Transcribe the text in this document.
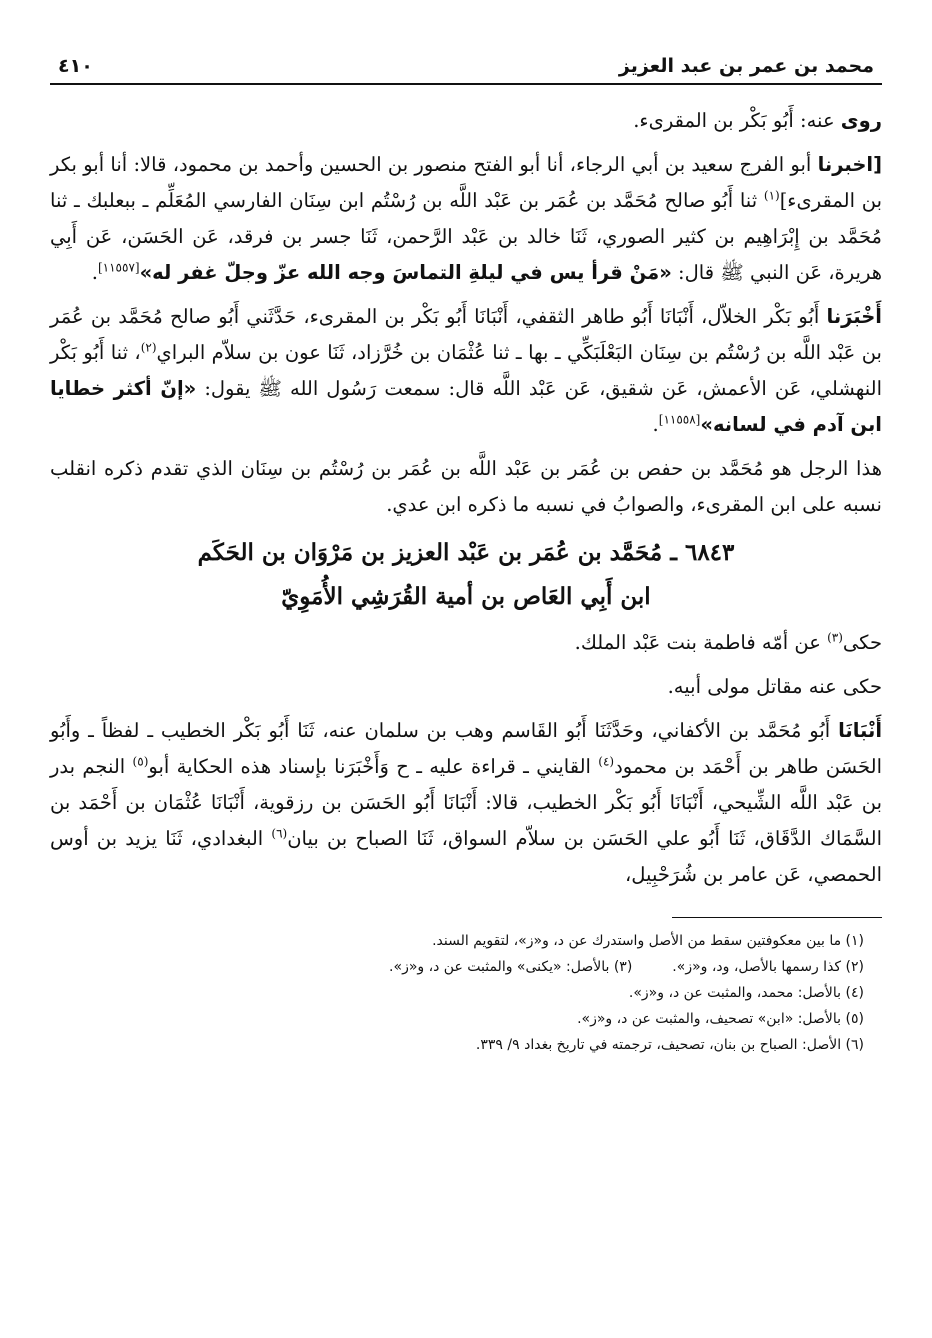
محمد بن عمر بن عبد العزيز
٤١٠

روى عنه: أَبُو بَكْر بن المقرىء.

[اخبرنا أبو الفرج سعيد بن أبي الرجاء، أنا أبو الفتح منصور بن الحسين وأحمد بن محمود، قالا: أنا أبو بكر بن المقرىء]$^{(١)}$ ثنا أَبُو صالح مُحَمَّد بن عُمَر بن عَبْد اللَّه بن رُسْتُم ابن سِنَان الفارسي المُعَلِّم ـ ببعلبك ـ ثنا مُحَمَّد بن إِبْرَاهِيم بن كثير الصوري، ثَنَا خالد بن عَبْد الرَّحمن، ثَنَا جسر بن فرقد، عَن الحَسَن، عَن أَبِي هريرة، عَن النبي ﷺ قال: «مَنْ قرأ يس في ليلةِ التماسَ وجه الله عزّ وجلّ غفر له»[١١٥٥٧].

أَخْبَرَنا أَبُو بَكْر الخلاّل، أَنْبَانَا أَبُو طاهر الثقفي، أَنْبَانَا أَبُو بَكْر بن المقرىء، حَدَّثَني أَبُو صالح مُحَمَّد بن عُمَر بن عَبْد اللَّه بن رُسْتُم بن سِنَان البَعْلَبَكِّي ـ بها ـ ثنا عُثْمَان بن خُرَّزاد، ثَنَا عون بن سلاّم البراي$^{(٢)}$، ثنا أَبُو بَكْر النهشلي، عَن الأعمش، عَن شقيق، عَن عَبْد اللَّه قال: سمعت رَسُول الله ﷺ يقول: «إنّ أكثر خطايا ابن آدم في لسانه»[١١٥٥٨].

هذا الرجل هو مُحَمَّد بن حفص بن عُمَر بن عَبْد اللَّه بن عُمَر بن رُسْتُم بن سِنَان الذي تقدم ذكره انقلب نسبه على ابن المقرىء، والصوابُ في نسبه ما ذكره ابن عدي.

٦٨٤٣ ـ مُحَمَّد بن عُمَر بن عَبْد العزيز بن مَرْوَان بن الحَكَم
ابن أَبِي العَاص بن أمية القُرَشِي الأُمَوِيّ

حكى$^{(٣)}$ عن أمّه فاطمة بنت عَبْد الملك.

حكى عنه مقاتل مولى أبيه.

أَنْبَانَا أَبُو مُحَمَّد بن الأكفاني، وحَدَّثَنَا أَبُو القَاسم وهب بن سلمان عنه، ثَنَا أَبُو بَكْر الخطيب ـ لفظاً ـ وأَبُو الحَسَن طاهر بن أَحْمَد بن محمود$^{(٤)}$ القايني ـ قراءة عليه ـ ح وَأَخْبَرَنا بإسناد هذه الحكاية أبو$^{(٥)}$ النجم بدر بن عَبْد اللَّه الشِّيحي، أَنْبَانَا أَبُو بَكْر الخطيب، قالا: أَنْبَانَا أَبُو الحَسَن بن رزقوية، أَنْبَانَا عُثْمَان بن أَحْمَد بن السَّمَاك الدَّقَاق، ثَنَا أَبُو علي الحَسَن بن سلاّم السواق، ثَنَا الصباح بن بيان$^{(٦)}$ البغدادي، ثَنَا يزيد بن أوس الحمصي، عَن عامر بن شُرَحْبِيل،

(١) ما بين معكوفتين سقط من الأصل واستدرك عن د، و«ز»، لتقويم السند.
(٢) كذا رسمها بالأصل، ود، و«ز».
(٣) بالأصل: «يكنى» والمثبت عن د، و«ز».
(٤) بالأصل: محمد، والمثبت عن د، و«ز».
(٥) بالأصل: «ابن» تصحيف، والمثبت عن د، و«ز».
(٦) الأصل: الصباح بن بنان، تصحيف، ترجمته في تاريخ بغداد ٩/ ٣٣٩.
